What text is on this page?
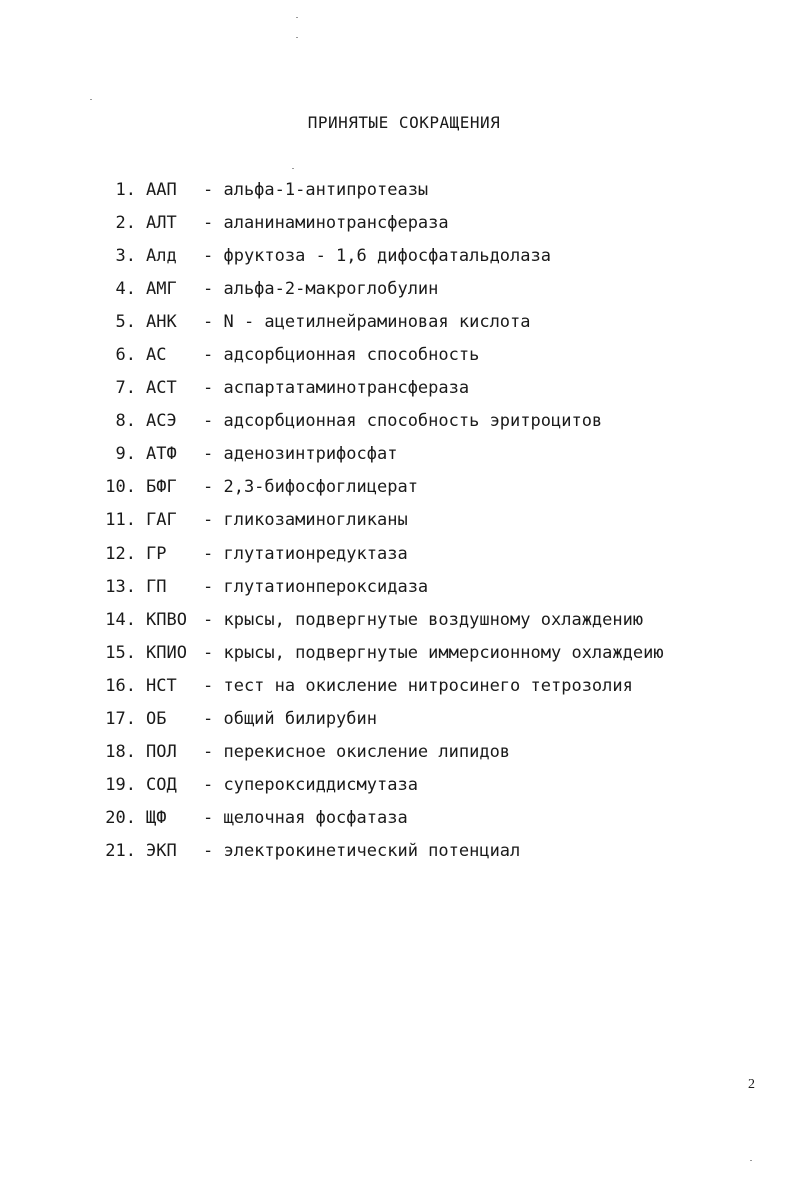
ПРИНЯТЫЕ СОКРАЩЕНИЯ
1. ААП - альфа-1-антипротеазы
2. АЛТ - аланинаминотрансфераза
3. Алд - фруктоза - 1,6 дифосфатальдолаза
4. АМГ - альфа-2-макроглобулин
5. АНК - N - ацетилнейраминовая кислота
6. АС - адсорбционная способность
7. АСТ - аспартатаминотрансфераза
8. АСЭ - адсорбционная способность эритроцитов
9. АТФ - аденозинтрифосфат
10. БФГ - 2,3-бифосфоглицерат
11. ГАГ - гликозаминогликаны
12. ГР - глутатионредуктаза
13. ГП - глутатионпероксидаза
14. КПВО - крысы, подвергнутые воздушному охлаждению
15. КПИО - крысы, подвергнутые иммерсионному охлаждеию
16. НСТ - тест на окисление нитросинего тетрозолия
17. ОБ - общий билирубин
18. ПОЛ - перекисное окисление липидов
19. СОД - супероксиддисмутаза
20. ЩФ - щелочная фосфатаза
21. ЭКП - электрокинетический потенциал
2
